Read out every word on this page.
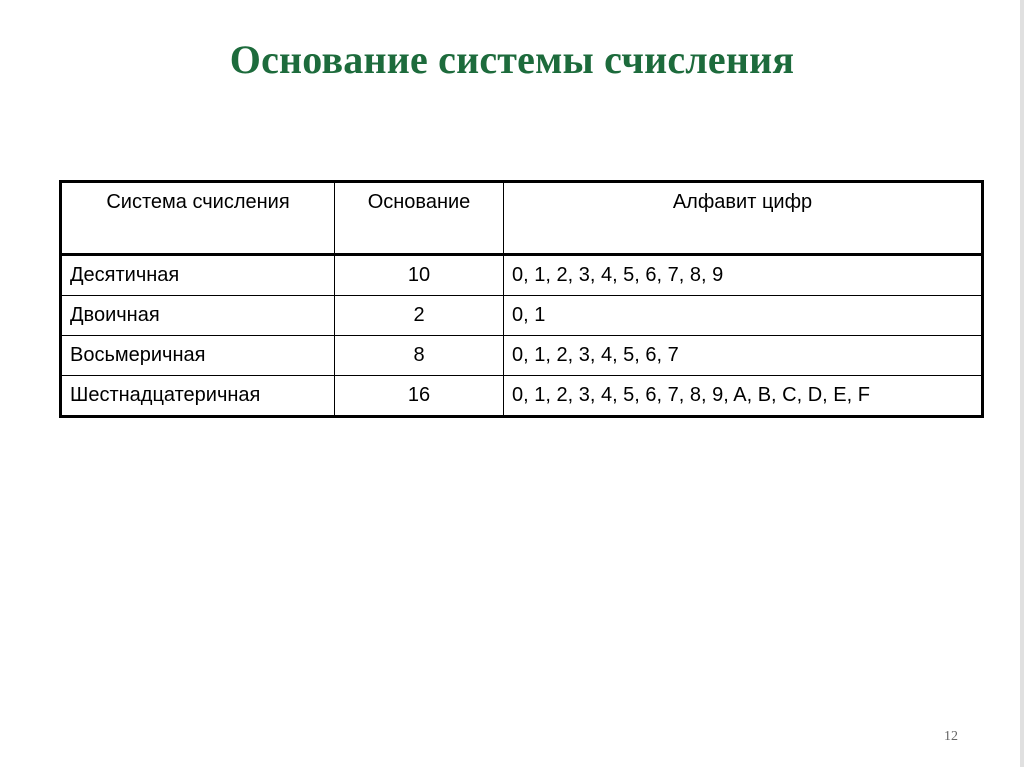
Основание системы счисления
Система счисления	Основание	Алфавит цифр
Десятичная	10	0, 1, 2, 3, 4, 5, 6, 7, 8, 9
Двоичная	2	0, 1
Восьмеричная	8	0, 1, 2, 3, 4, 5, 6, 7
Шестнадцатеричная	16	0, 1, 2, 3, 4, 5, 6, 7, 8, 9, A, B, C, D, E, F
12
